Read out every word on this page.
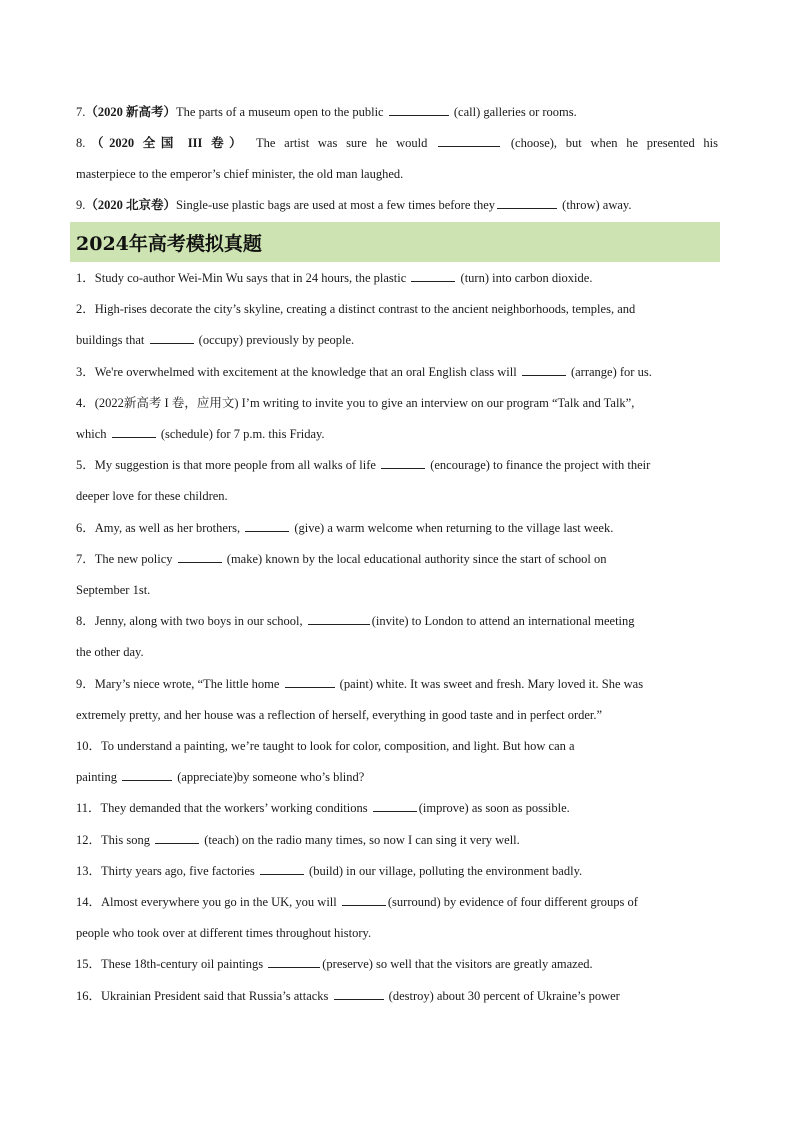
7.（2020 新高考）The parts of a museum open to the public	(call) galleries or rooms.
8.（2020 全国 III 卷） The artist was sure he would	(choose), but when he presented his
masterpiece to the emperor’s chief minister, the old man laughed.
9.（2020 北京卷）Single-use plastic bags are used at most a few times before they	(throw) away.
2024年高考模拟真题
1．Study co-author Wei-Min Wu says that in 24 hours, the plastic	(turn) into carbon dioxide.
2．High-rises decorate the city’s skyline, creating a distinct contrast to the ancient neighborhoods, temples, and
buildings that	(occupy) previously by people.
3．We're overwhelmed with excitement at the knowledge that an oral English class will	(arrange) for us.
4．(2022新高考 I 卷，应用文) I’m writing to invite you to give an interview on our program “Talk and Talk”,
which	(schedule) for 7 p.m. this Friday.
5．My suggestion is that more people from all walks of life	(encourage) to finance the project with their
deeper love for these children.
6．Amy, as well as her brothers,	(give) a warm welcome when returning to the village last week.
7．The new policy	(make) known by the local educational authority since the start of school on
September 1st.
8．Jenny, along with two boys in our school,	(invite) to London to attend an international meeting
the other day.
9．Mary’s niece wrote, “The little home	(paint) white. It was sweet and fresh. Mary loved it. She was
extremely pretty, and her house was a reflection of herself, everything in good taste and in perfect order.”
10．To understand a painting, we’re taught to look for color, composition, and light. But how can a
painting	(appreciate)by someone who’s blind?
11．They demanded that the workers’ working conditions	(improve) as soon as possible.
12．This song	(teach) on the radio many times, so now I can sing it very well.
13．Thirty years ago, five factories	(build) in our village, polluting the environment badly.
14．Almost everywhere you go in the UK, you will	(surround) by evidence of four different groups of
people who took over at different times throughout history.
15．These 18th-century oil paintings	(preserve) so well that the visitors are greatly amazed.
16．Ukrainian President said that Russia’s attacks	(destroy) about 30 percent of Ukraine’s power
